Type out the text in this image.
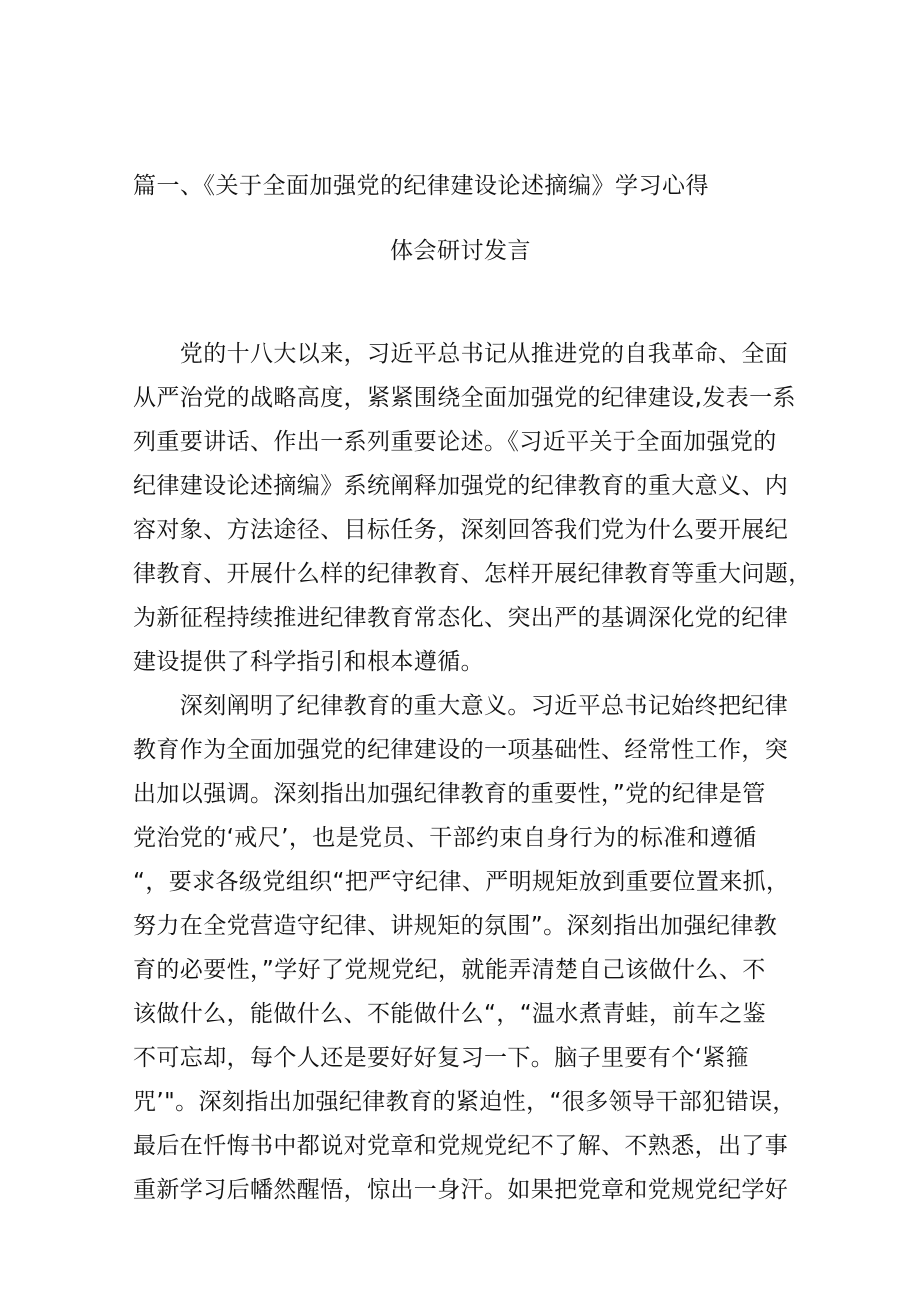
篇一、《关于全面加强党的纪律建设论述摘编》学习心得
体会研讨发言
　　党的十八大以来，习近平总书记从推进党的自我革命、全面
从严治党的战略高度，紧紧围绕全面加强党的纪律建设,发表一系
列重要讲话、作出一系列重要论述。《习近平关于全面加强党的
纪律建设论述摘编》系统阐释加强党的纪律教育的重大意义、内
容对象、方法途径、目标任务，深刻回答我们党为什么要开展纪
律教育、开展什么样的纪律教育、怎样开展纪律教育等重大问题，
为新征程持续推进纪律教育常态化、突出严的基调深化党的纪律
建设提供了科学指引和根本遵循。
　　深刻阐明了纪律教育的重大意义。习近平总书记始终把纪律
教育作为全面加强党的纪律建设的一项基础性、经常性工作，突
出加以强调。深刻指出加强纪律教育的重要性，”党的纪律是管
党治党的‘戒尺’，也是党员、干部约束自身行为的标准和遵循
“，要求各级党组织“把严守纪律、严明规矩放到重要位置来抓，
努力在全党营造守纪律、讲规矩的氛围”。深刻指出加强纪律教
育的必要性，”学好了党规党纪，就能弄清楚自己该做什么、不
该做什么，能做什么、不能做什么“，“温水煮青蛙，前车之鉴
不可忘却，每个人还是要好好复习一下。脑子里要有个‘紧箍
咒’"。深刻指出加强纪律教育的紧迫性，“很多领导干部犯错误，
最后在忏悔书中都说对党章和党规党纪不了解、不熟悉，出了事
重新学习后幡然醒悟，惊出一身汗。如果把党章和党规党纪学好
